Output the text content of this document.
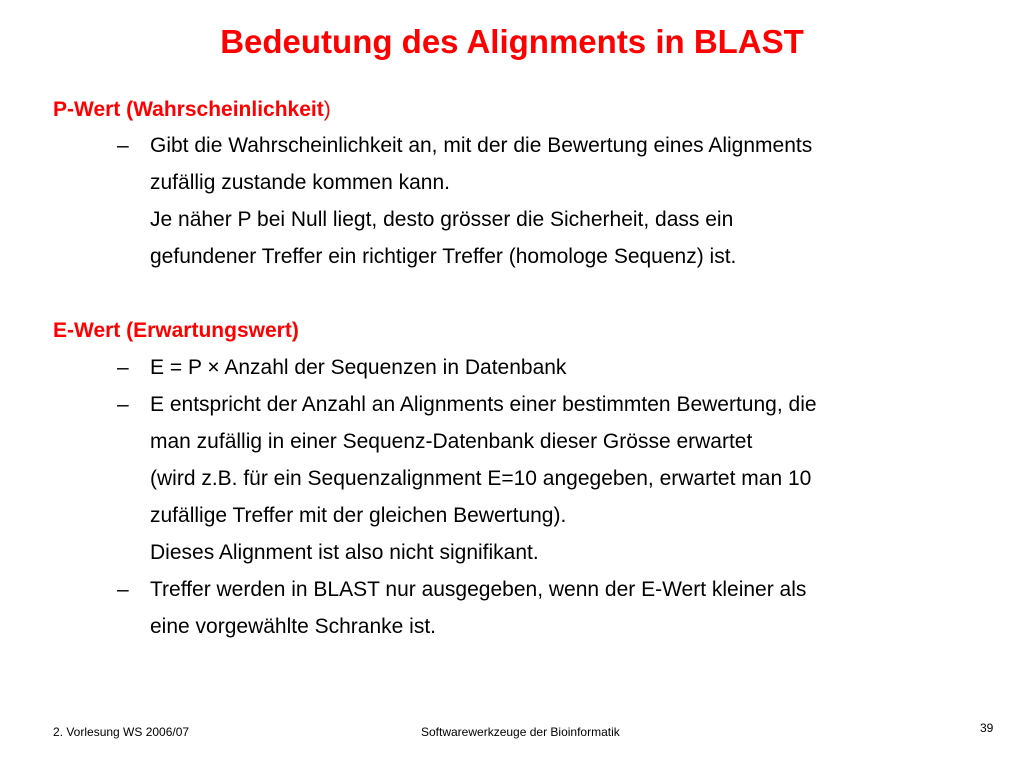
Bedeutung des Alignments in BLAST
P-Wert (Wahrscheinlichkeit)
– Gibt die Wahrscheinlichkeit an, mit der die Bewertung eines Alignments
zufällig zustande kommen kann.
Je näher P bei Null liegt, desto grösser die Sicherheit, dass ein
gefundener Treffer ein richtiger Treffer (homologe Sequenz) ist.
E-Wert (Erwartungswert)
– E = P × Anzahl der Sequenzen in Datenbank
– E entspricht der Anzahl an Alignments einer bestimmten Bewertung, die
man zufällig in einer Sequenz-Datenbank dieser Grösse erwartet
(wird z.B. für ein Sequenzalignment E=10 angegeben, erwartet man 10
zufällige Treffer mit der gleichen Bewertung).
Dieses Alignment ist also nicht signifikant.
– Treffer werden in BLAST nur ausgegeben, wenn der E-Wert kleiner als
eine vorgewählte Schranke ist.
2. Vorlesung WS 2006/07	Softwarewerkzeuge der Bioinformatik	39
